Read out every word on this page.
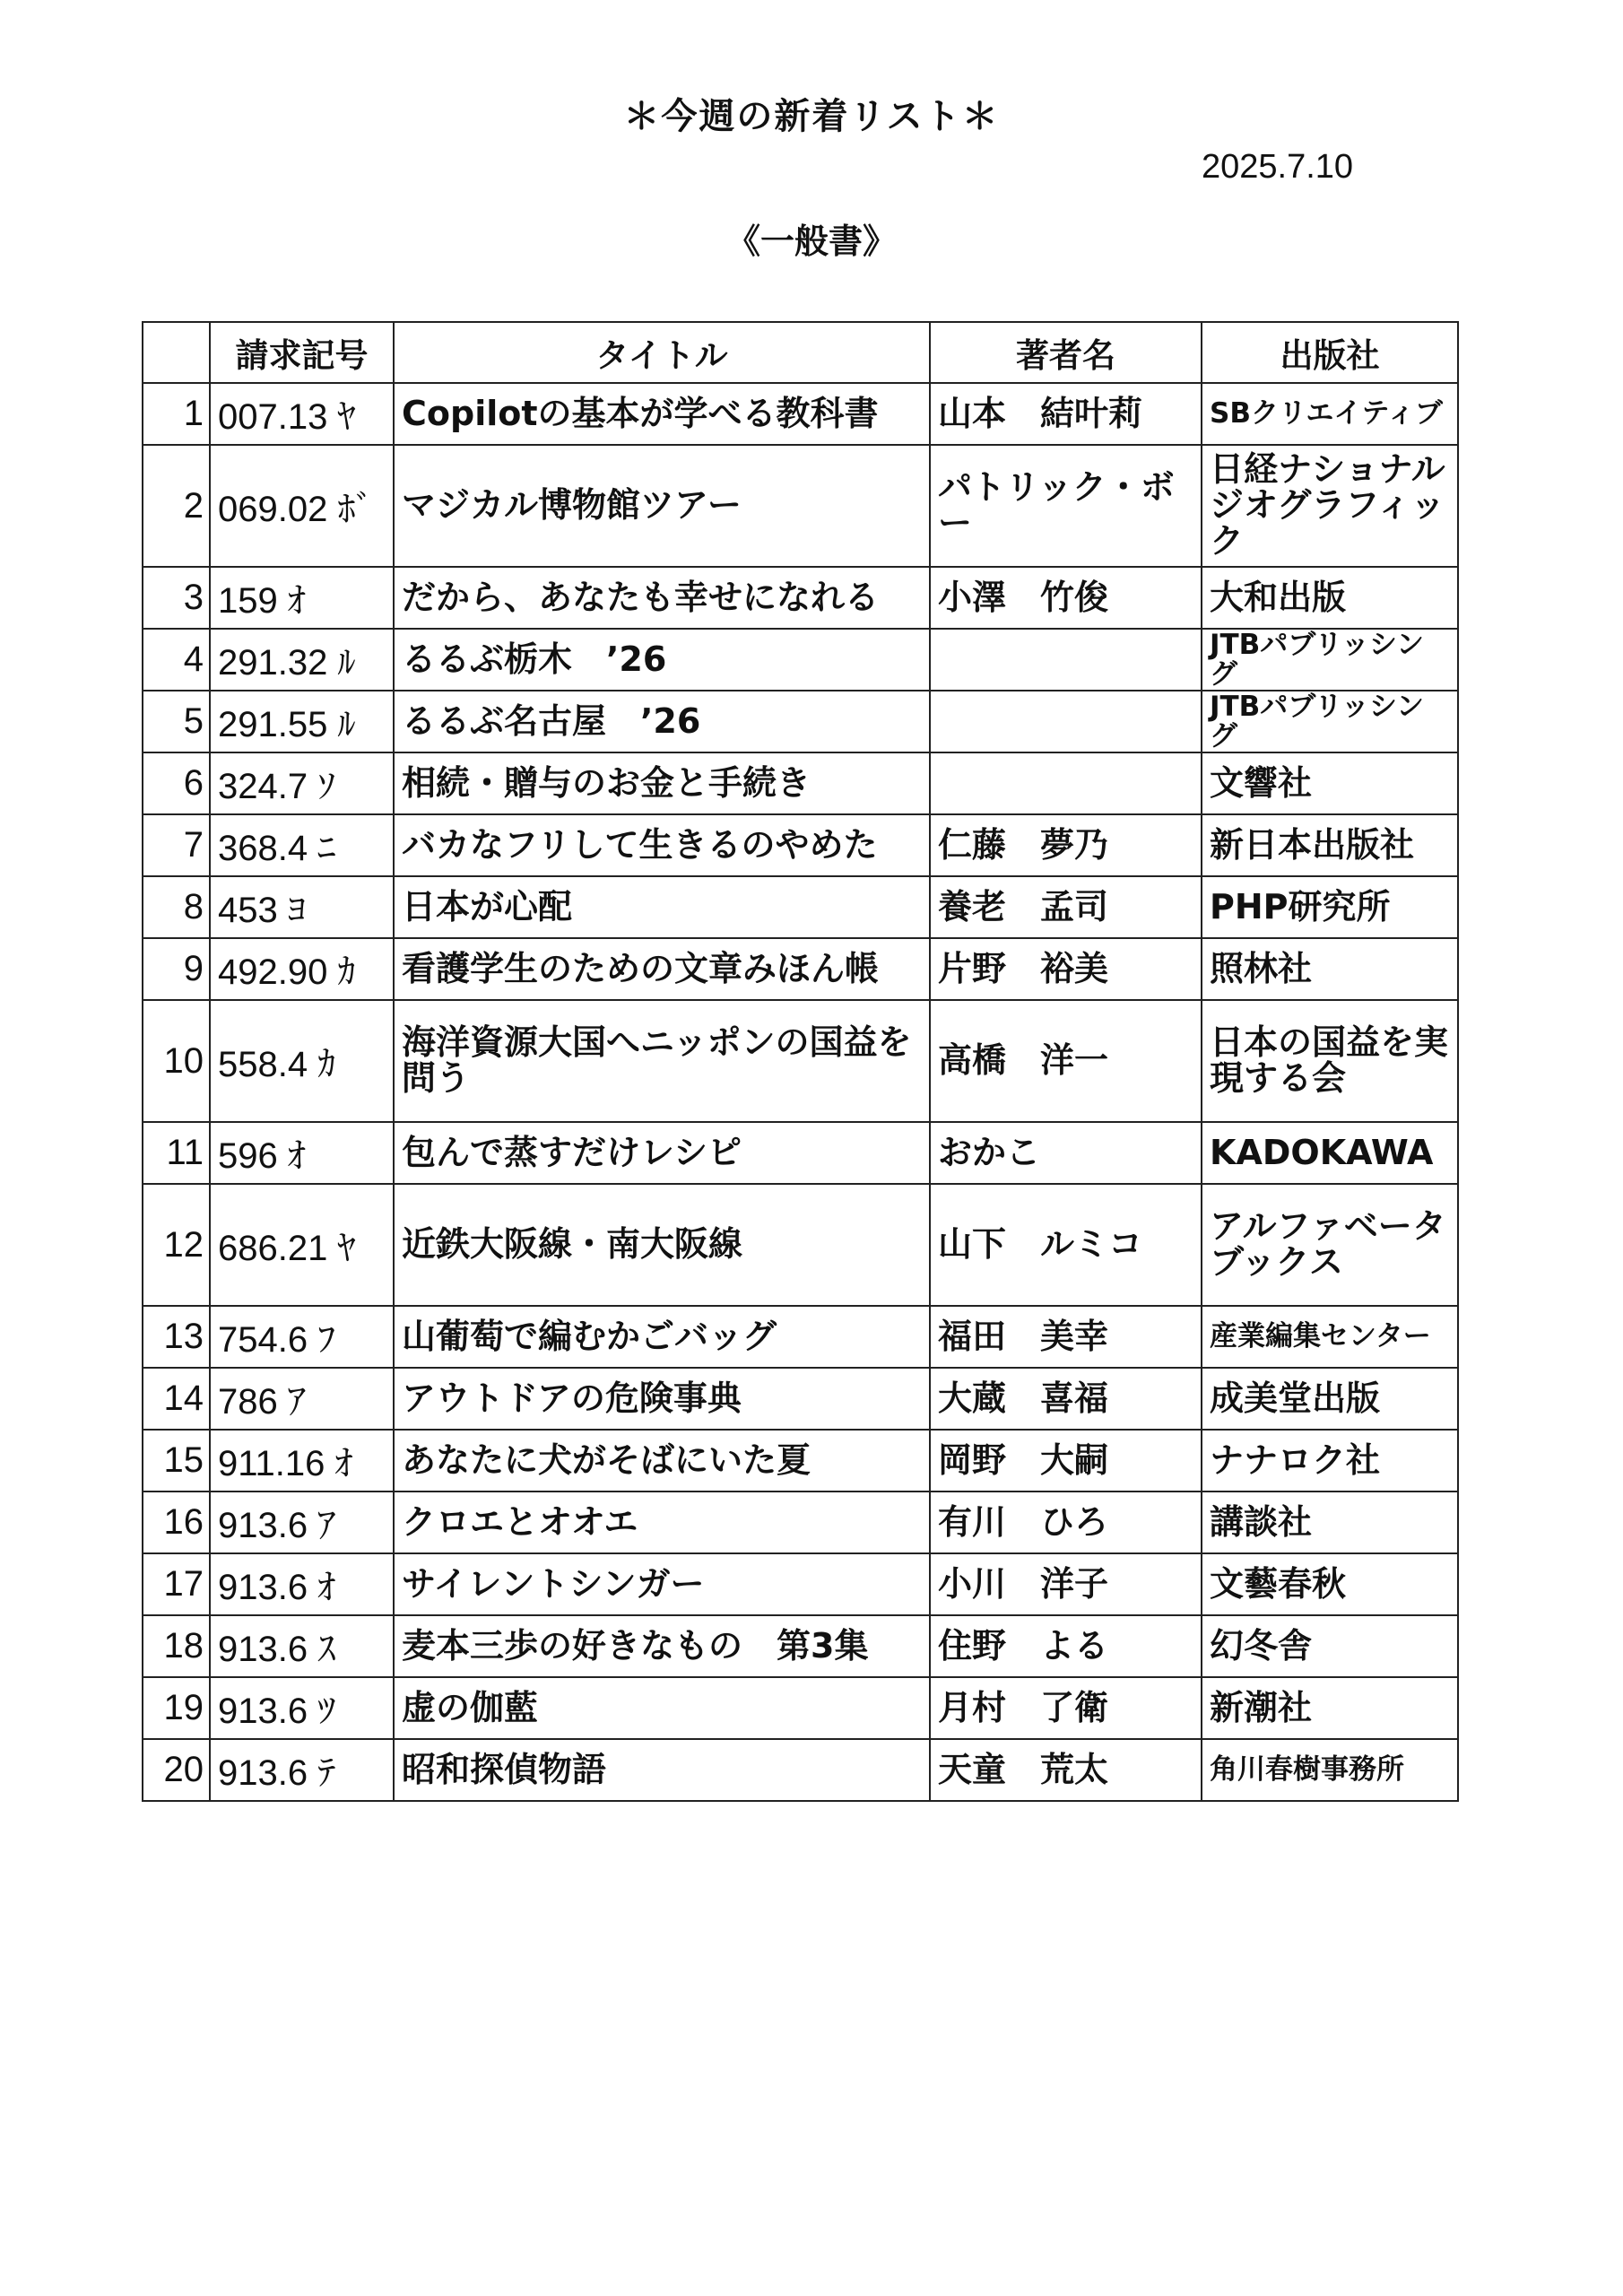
＊今週の新着リスト＊
2025.7.10
《一般書》
	請求記号	タイトル	著者名	出版社
1	007.13 ﾔ	Copilotの基本が学べる教科書	山本　結叶莉	SBクリエイティブ
2	069.02 ﾎﾞ	マジカル博物館ツアー	パトリック・ボー	日経ナショナル ジオグラフィック
3	159 ｵ	だから、あなたも幸せになれる	小澤　竹俊	大和出版
4	291.32 ﾙ	るるぶ栃木　’26		JTBパブリッシング
5	291.55 ﾙ	るるぶ名古屋　’26		JTBパブリッシング
6	324.7 ｿ	相続・贈与のお金と手続き		文響社
7	368.4 ﾆ	バカなフリして生きるのやめた	仁藤　夢乃	新日本出版社
8	453 ﾖ	日本が心配	養老　孟司	PHP研究所
9	492.90 ｶ	看護学生のための文章みほん帳	片野　裕美	照林社
10	558.4 ｶ	海洋資源大国へニッポンの国益を問う	高橋　洋一	日本の国益を実現する会
11	596 ｵ	包んで蒸すだけレシピ	おかこ	KADOKAWA
12	686.21 ﾔ	近鉄大阪線・南大阪線	山下　ルミコ	アルファベータブックス
13	754.6 ﾌ	山葡萄で編むかごバッグ	福田　美幸	産業編集センター
14	786 ｱ	アウトドアの危険事典	大蔵　喜福	成美堂出版
15	911.16 ｵ	あなたに犬がそばにいた夏	岡野　大嗣	ナナロク社
16	913.6 ｱ	クロエとオオエ	有川　ひろ	講談社
17	913.6 ｵ	サイレントシンガー	小川　洋子	文藝春秋
18	913.6 ｽ	麦本三歩の好きなもの　第3集	住野　よる	幻冬舎
19	913.6 ﾂ	虚の伽藍	月村　了衛	新潮社
20	913.6 ﾃ	昭和探偵物語	天童　荒太	角川春樹事務所
